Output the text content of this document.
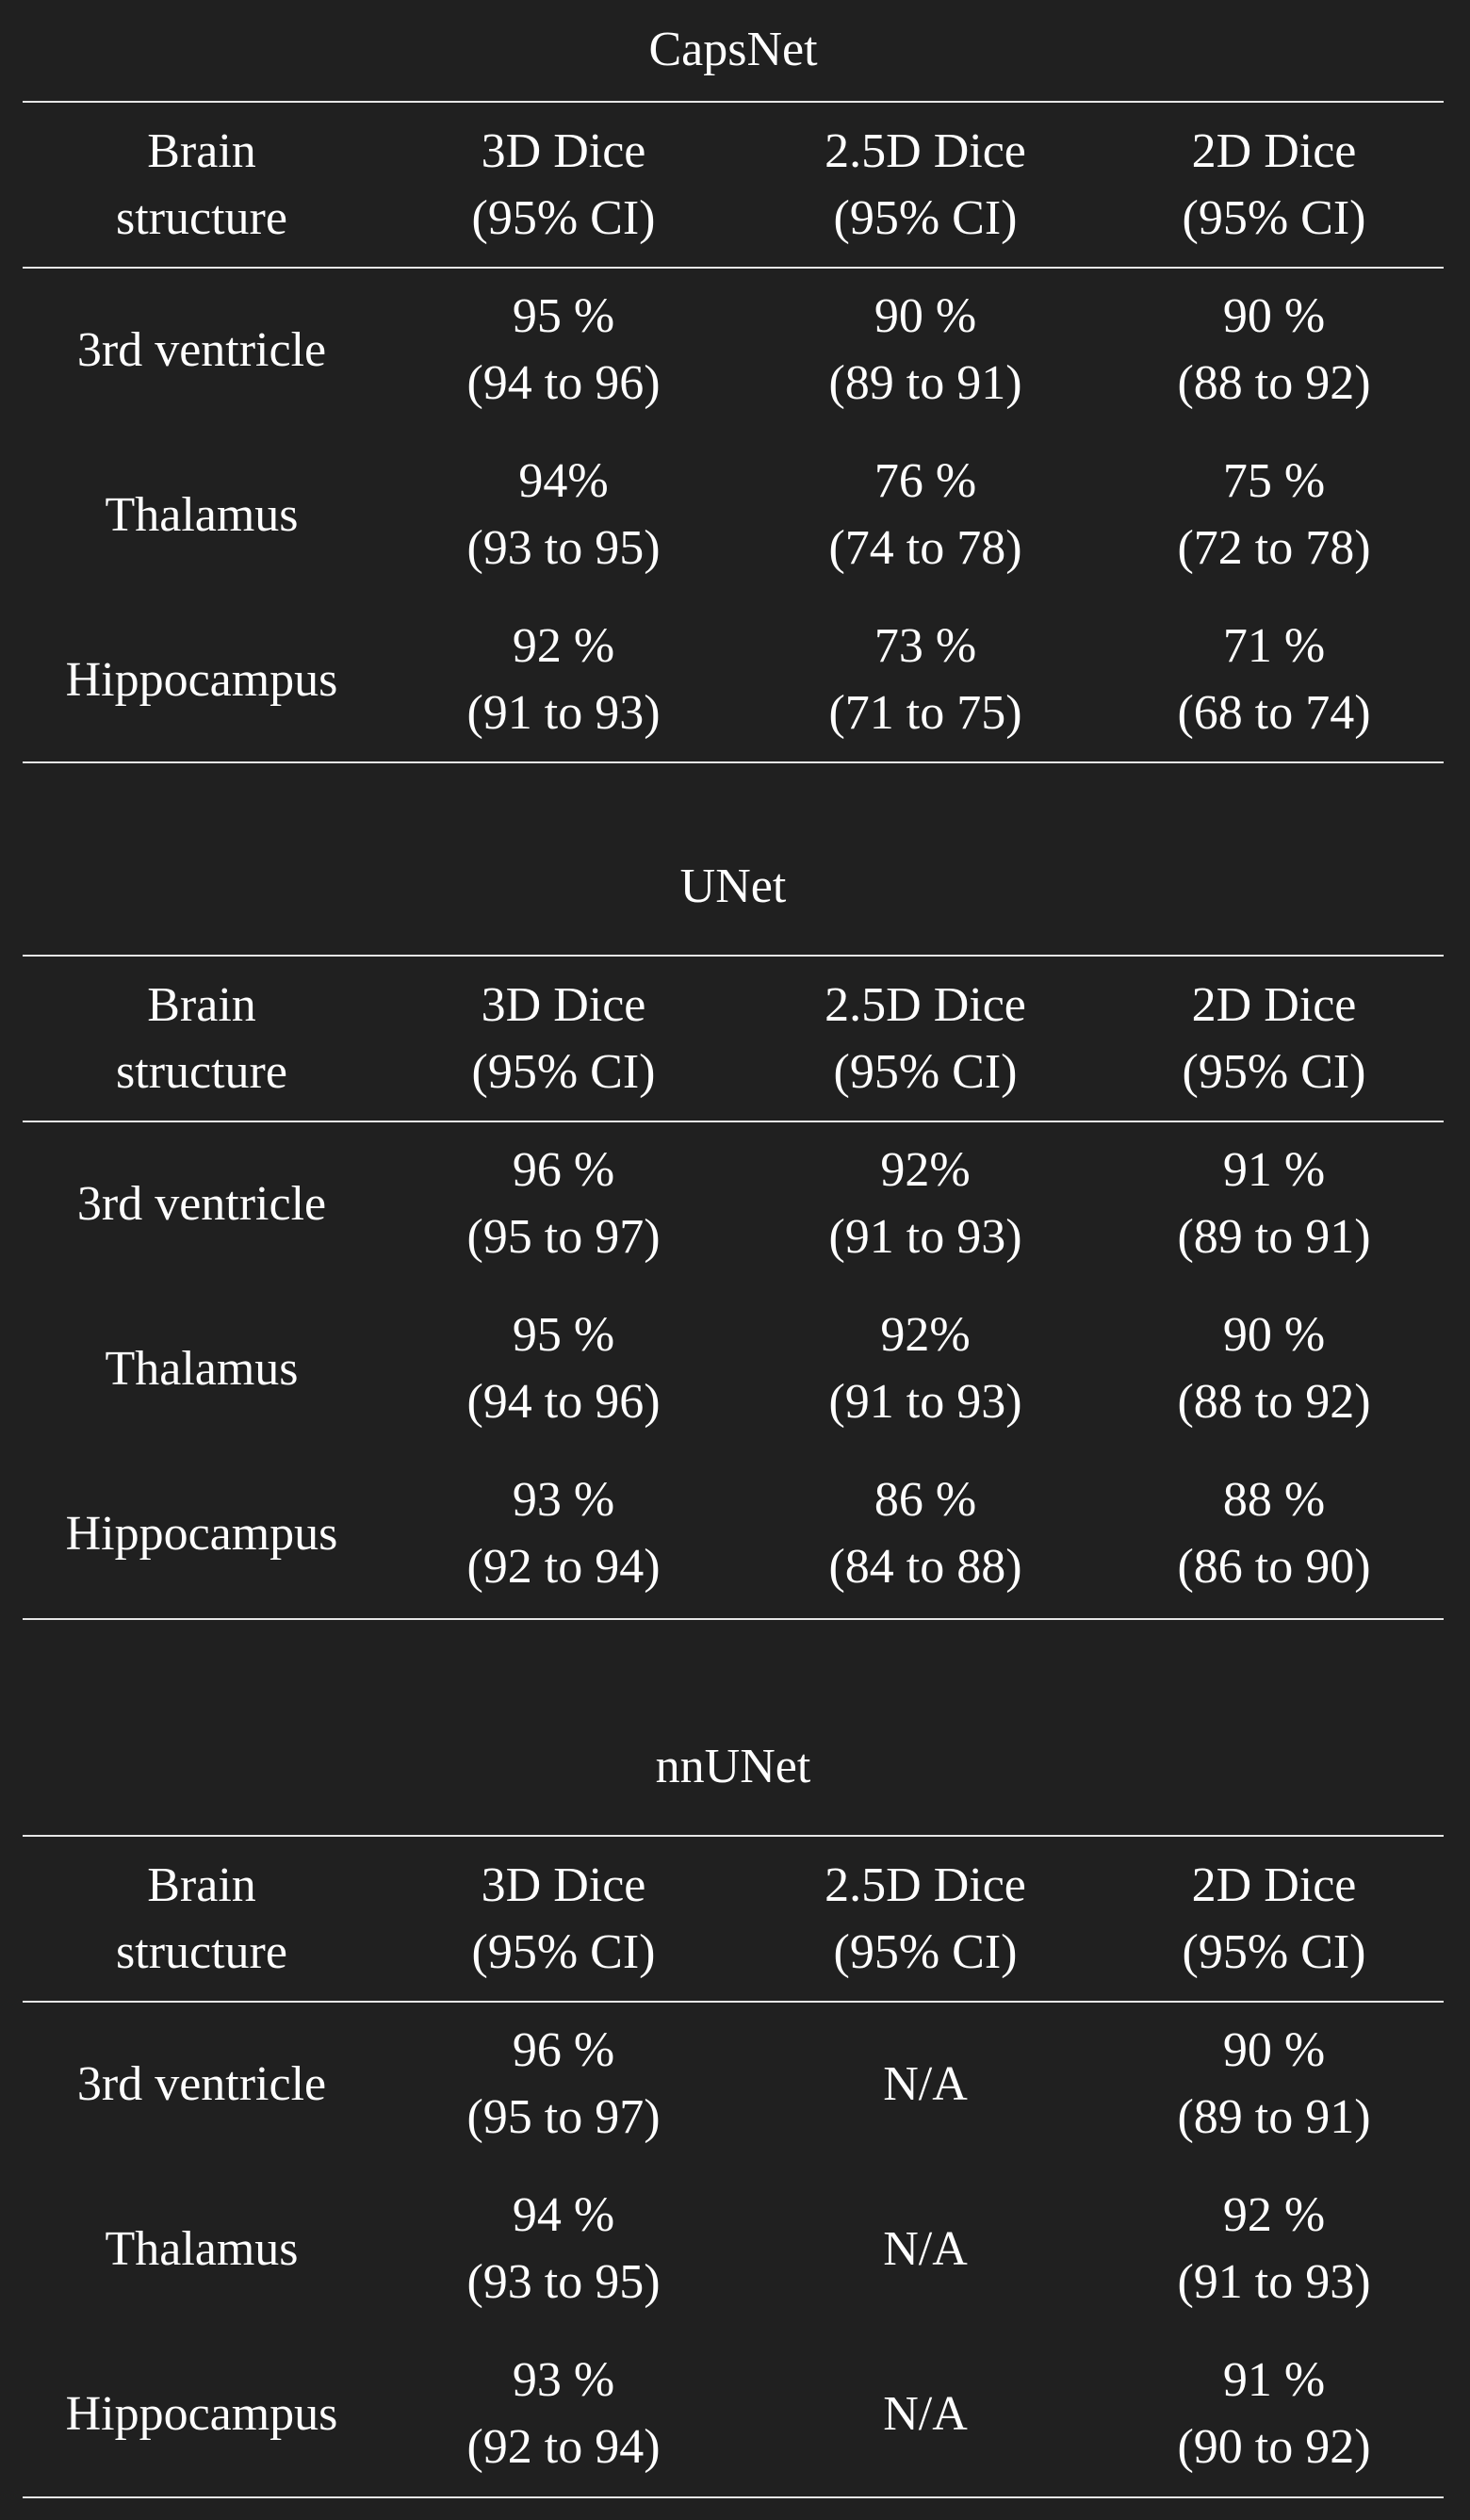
CapsNet
Brain
structure
3D Dice
(95% CI)
2.5D Dice
(95% CI)
2D Dice
(95% CI)
3rd ventricle
95 %
(94 to 96)
90 %
(89 to 91)
90 %
(88 to 92)
Thalamus
94%
(93 to 95)
76 %
(74 to 78)
75 %
(72 to 78)
Hippocampus
92 %
(91 to 93)
73 %
(71 to 75)
71 %
(68 to 74)
UNet
Brain
structure
3D Dice
(95% CI)
2.5D Dice
(95% CI)
2D Dice
(95% CI)
3rd ventricle
96 %
(95 to 97)
92%
(91 to 93)
91 %
(89 to 91)
Thalamus
95 %
(94 to 96)
92%
(91 to 93)
90 %
(88 to 92)
Hippocampus
93 %
(92 to 94)
86 %
(84 to 88)
88 %
(86 to 90)
nnUNet
Brain
structure
3D Dice
(95% CI)
2.5D Dice
(95% CI)
2D Dice
(95% CI)
3rd ventricle
96 %
(95 to 97)
N/A
90 %
(89 to 91)
Thalamus
94 %
(93 to 95)
N/A
92 %
(91 to 93)
Hippocampus
93 %
(92 to 94)
N/A
91 %
(90 to 92)
